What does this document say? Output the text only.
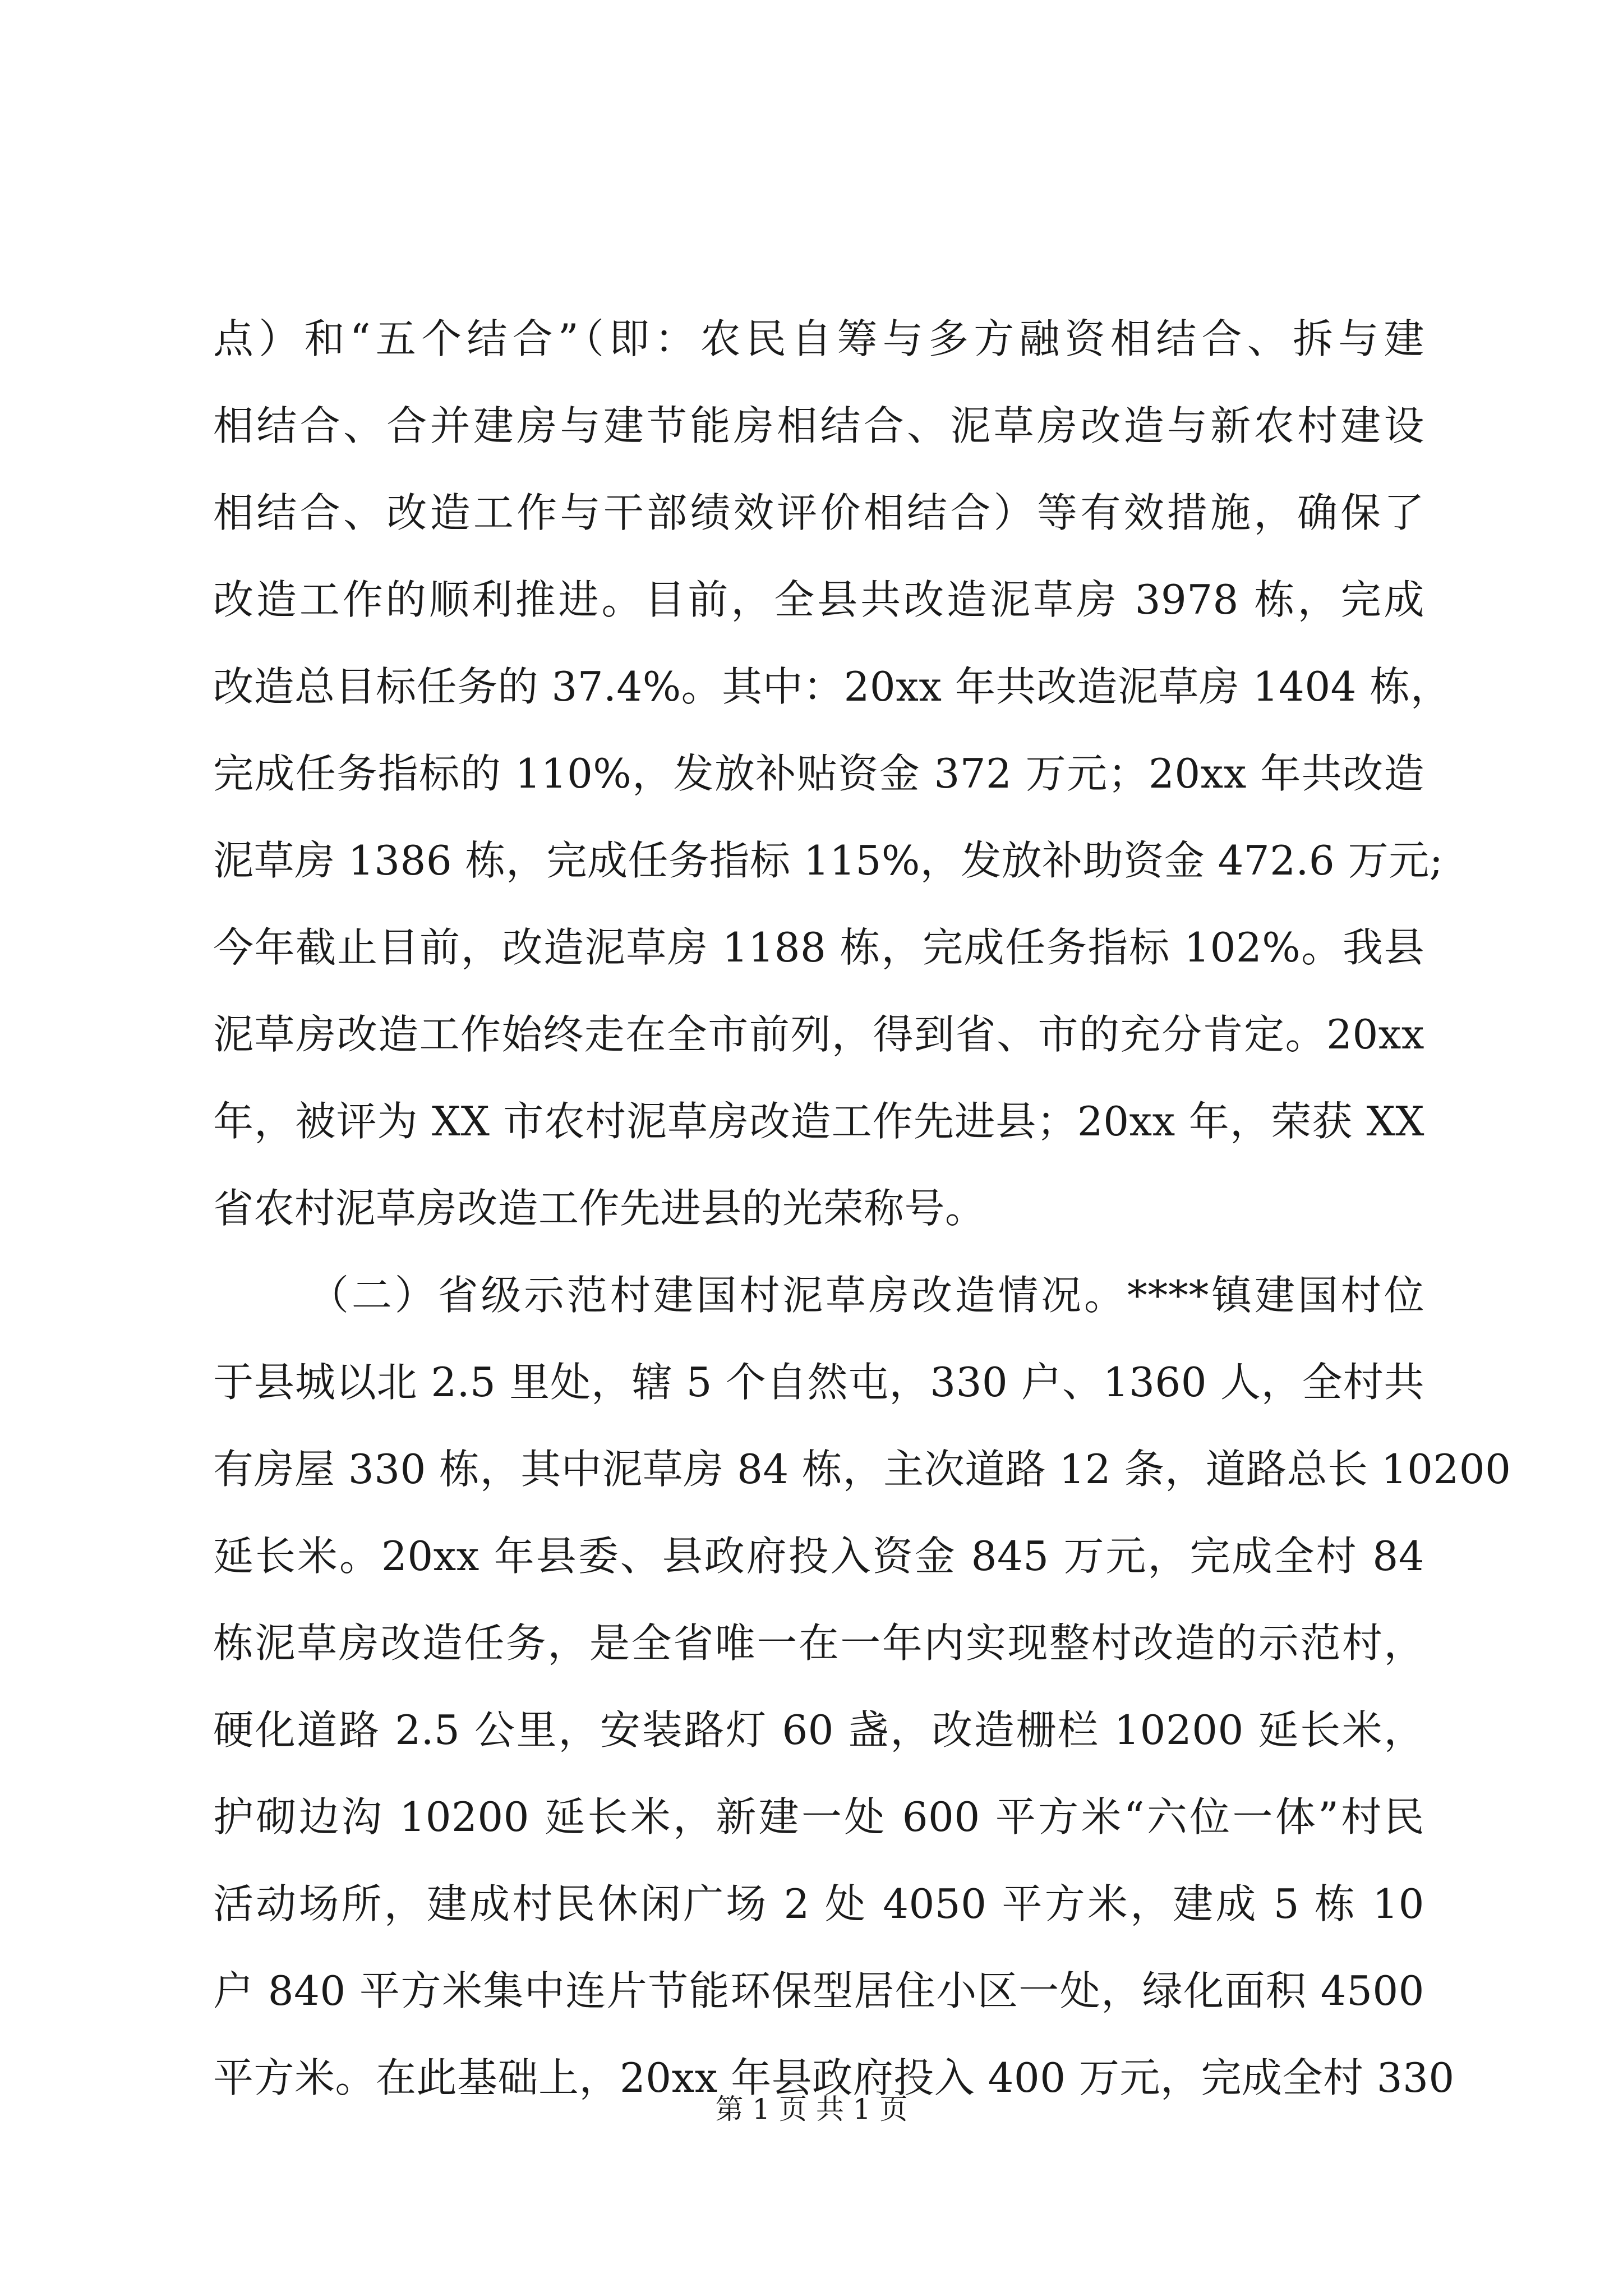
点）和“五个结合”（即：农民自筹与多方融资相结合、拆与建
相结合、合并建房与建节能房相结合、泥草房改造与新农村建设
相结合、改造工作与干部绩效评价相结合）等有效措施，确保了
改造工作的顺利推进。目前，全县共改造泥草房 3978 栋，完成
改造总目标任务的 37.4%。其中：20xx 年共改造泥草房 1404 栋，
完成任务指标的 110%，发放补贴资金 372 万元；20xx 年共改造
泥草房 1386 栋，完成任务指标 115%，发放补助资金 472.6 万元;
今年截止目前，改造泥草房 1188 栋，完成任务指标 102%。我县
泥草房改造工作始终走在全市前列，得到省、市的充分肯定。20xx
年，被评为 XX 市农村泥草房改造工作先进县；20xx 年，荣获 XX
省农村泥草房改造工作先进县的光荣称号。
（二）省级示范村建国村泥草房改造情况。****镇建国村位
于县城以北 2.5 里处，辖 5 个自然屯，330 户、1360 人，全村共
有房屋 330 栋，其中泥草房 84 栋，主次道路 12 条，道路总长 10200
延长米。20xx 年县委、县政府投入资金 845 万元，完成全村 84
栋泥草房改造任务，是全省唯一在一年内实现整村改造的示范村，
硬化道路 2.5 公里，安装路灯 60 盏，改造栅栏 10200 延长米，
护砌边沟 10200 延长米，新建一处 600 平方米“六位一体”村民
活动场所，建成村民休闲广场 2 处 4050 平方米，建成 5 栋 10
户 840 平方米集中连片节能环保型居住小区一处，绿化面积 4500
平方米。在此基础上，20xx 年县政府投入 400 万元，完成全村 330
第 1 页 共 1 页
